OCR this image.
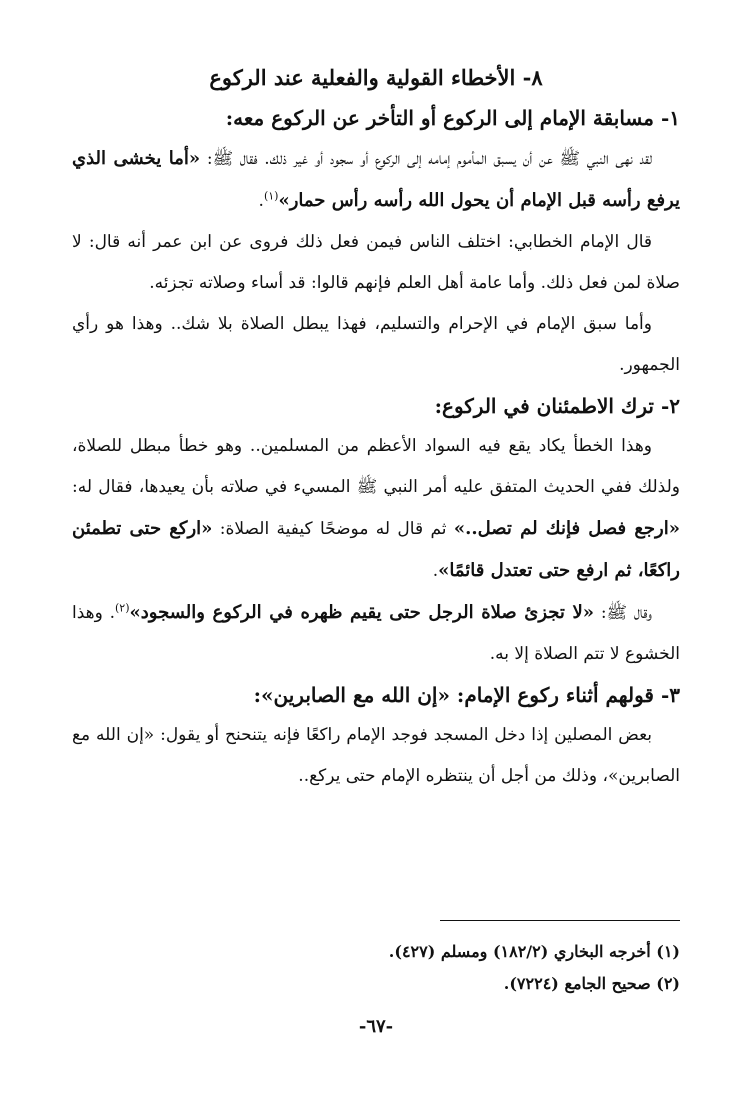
٨- الأخطاء القولية والفعلية عند الركوع
١- مسابقة الإمام إلى الركوع أو التأخر عن الركوع معه:

لقد نهى النبي ﷺ عن أن يسبق المأموم إمامه إلى الركوع أو سجود أو غير ذلك. فقال ﷺ: «أما يخشى الذي يرفع رأسه قبل الإمام أن يحول الله رأسه رأس حمار»$^{(١)}$.

قال الإمام الخطابي: اختلف الناس فيمن فعل ذلك فروى عن ابن عمر أنه قال: لا صلاة لمن فعل ذلك. وأما عامة أهل العلم فإنهم قالوا: قد أساء وصلاته تجزئه.

وأما سبق الإمام في الإحرام والتسليم، فهذا يبطل الصلاة بلا شك.. وهذا هو رأي الجمهور.

٢- ترك الاطمئنان في الركوع:

وهذا الخطأ يكاد يقع فيه السواد الأعظم من المسلمين.. وهو خطأ مبطل للصلاة، ولذلك ففي الحديث المتفق عليه أمر النبي ﷺ المسيء في صلاته بأن يعيدها، فقال له: «ارجع فصل فإنك لم تصل..» ثم قال له موضحًا كيفية الصلاة: «اركع حتى تطمئن راكعًا، ثم ارفع حتى تعتدل قائمًا».

وقال ﷺ: «لا تجزئ صلاة الرجل حتى يقيم ظهره في الركوع والسجود»$^{(٢)}$. وهذا الخشوع لا تتم الصلاة إلا به.

٣- قولهم أثناء ركوع الإمام: «إن الله مع الصابرين»:

بعض المصلين إذا دخل المسجد فوجد الإمام راكعًا فإنه يتنحنح أو يقول: «إن الله مع الصابرين»، وذلك من أجل أن ينتظره الإمام حتى يركع..

(١) أخرجه البخاري (١٨٢/٢) ومسلم (٤٢٧).

(٢) صحيح الجامع (٧٢٢٤).

-٦٧-
